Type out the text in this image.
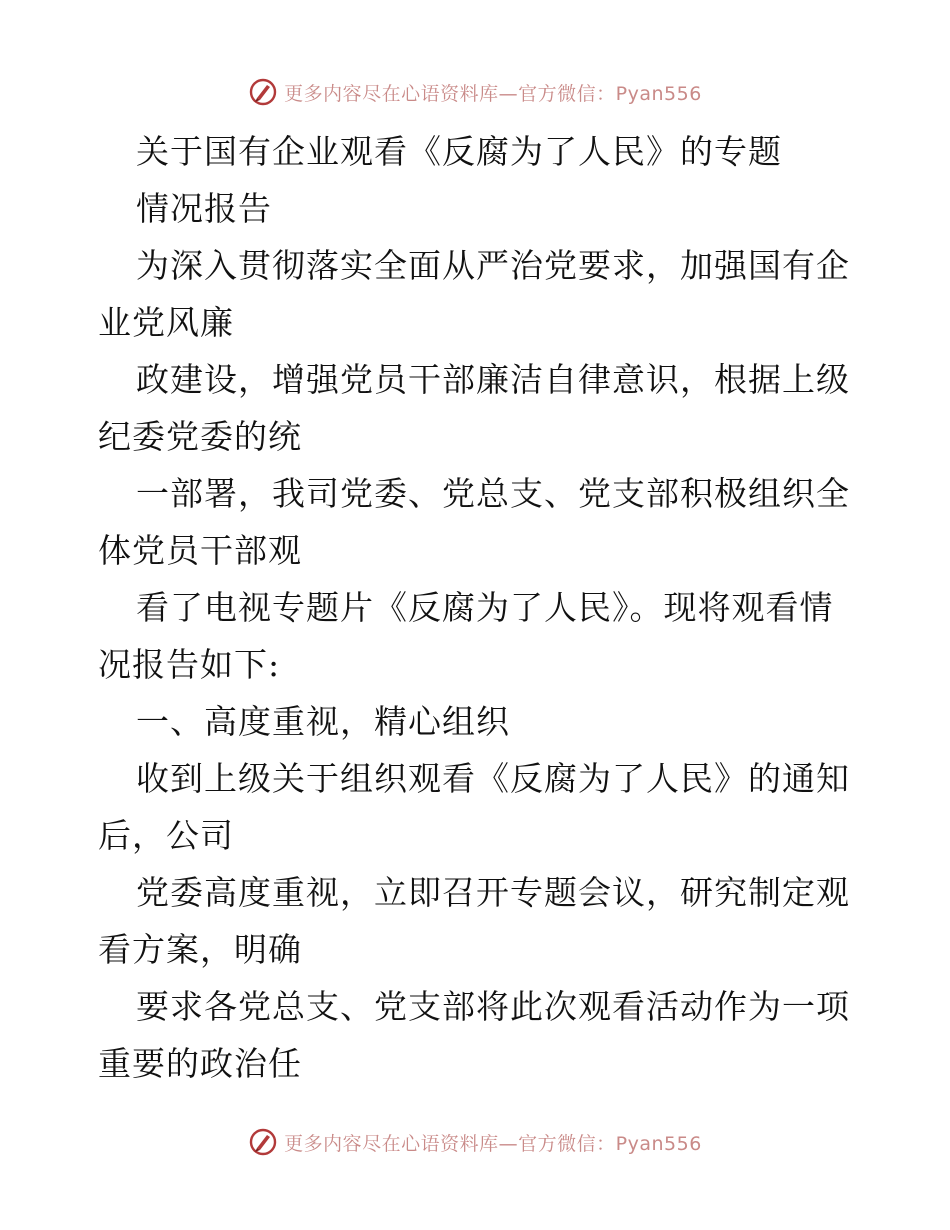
更多内容尽在心语资料库—官方微信：Pyan556
关于国有企业观看《反腐为了人民》的专题
情况报告
为深入贯彻落实全面从严治党要求，加强国有企
业党风廉
政建设，增强党员干部廉洁自律意识，根据上级
纪委党委的统
一部署，我司党委、党总支、党支部积极组织全
体党员干部观
看了电视专题片《反腐为了人民》。现将观看情
况报告如下:
一、高度重视，精心组织
收到上级关于组织观看《反腐为了人民》的通知
后，公司
党委高度重视，立即召开专题会议，研究制定观
看方案，明确
要求各党总支、党支部将此次观看活动作为一项
重要的政治任
更多内容尽在心语资料库—官方微信：Pyan556
